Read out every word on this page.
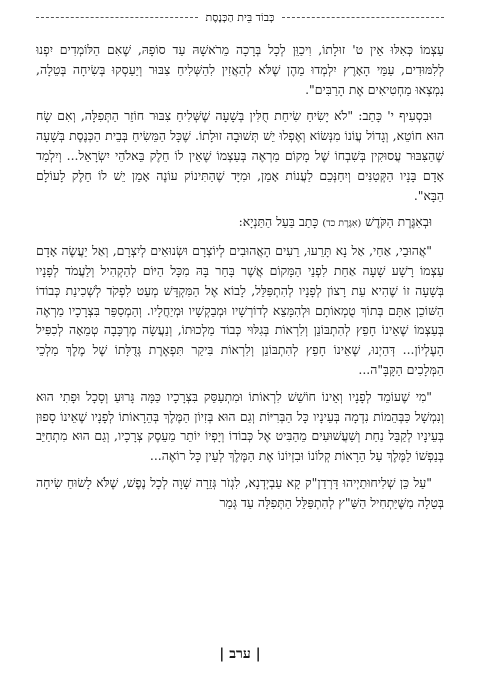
כְּבוֹד בֵּית הַכְּנֶסֶת

עַצְמוֹ כְּאִלּוּ אֵין ט' זוּלָתוֹ, וִיכַוֵּן לְכָל בְּרָכָה מֵרֹאשָׁהּ עַד סוֹפָהּ, שֶׁאִם הַלּוֹמְדִים יִפְנוּ לְלִמּוּדִים, עַמֵּי הָאָרֶץ יִלְמְדוּ מֵהֶן שֶׁלֹּא לְהַאֲזִין לִהַשְּׁלִיחַ צִבּוּר וְיַעַסְקוּ בְּשִׂיחָה בְּטֵלָה, נִמְצְאוּ מַחְטִיאִים אֶת הָרַבִּים".

וּבִסְעִיף י' כָּתַב: "לֹא יָשִׂיחַ שִׂיחַת חֻלִּין בְּשָׁעָה שֶׁשְּׁלִיחַ צִבּוּר חוֹזֵר הַתְּפִלָּה, וְאִם שָׂח הוּא חוֹטֵא, וְגָדוֹל עֲוֹנוֹ מִנְּשׂוֹא וְאֶפְלוּ יֵשׁ תְּשׁוּבָה זוּלָתוֹ. שֶׁכָּל הַמֵּשִׂיחַ בְּבֵית הַכְּנֶסֶת בְּשָׁעָה שֶׁהַצִּבּוּר עֲסוּקִין בְּשִׁבְחוֹ שֶׁל מָקוֹם מַרְאֶה בְּעַצְמוֹ שֶׁאֵין לוֹ חֵלֶק בֵּאלֹהֵי יִשְׂרָאֵל... וְיִלְמַד אָדָם בָּנָיו הַקְּטַנִּים וְיִחַנְּכֵם לַעֲנוֹת אָמֵן, וּמִיָּד שֶׁהַתִּינוֹק עוֹנֶה אָמֵן יֵשׁ לוֹ חֵלֶק לָעוֹלָם הַבָּא".

וּבְאִגֶּרֶת הַקֹּדֶשׁ (אִגֶּרֶת כד) כָּתַב בַּעַל הַתַּנְיָא:

"אֲהוּבַי, אַחַי, אַל נָא תָּרֵעוּ, רֵעִים הָאֲהוּבִים לְיוֹצְרָם וּשְׂנוּאִים לְיִצְרָם, וְאַל יַעֲשֶׂה אָדָם עַצְמוֹ רָשָׁע שָׁעָה אַחַת לִפְנֵי הַמָּקוֹם אֲשֶׁר בָּחַר בָּהּ מִכָּל הַיּוֹם לְהַקְהִיל וְלַעֲמֹד לְפָנָיו בְּשָׁעָה זוֹ שֶׁהִיא עֵת רָצוֹן לְפָנָיו לְהִתְפַּלֵּל, לָבוֹא אֶל הַמִּקְדָּשׁ מְעַט לִפְקֹד לְשְׁכִינַת כְּבוֹדוֹ הַשּׁוֹכֵן אִתָּם בְּתוֹךְ טֻמְאוֹתָם וּלְהִמָּצֵא לְדוֹרְשָׁיו וּמְבַקְשָׁיו וּמְיַחֲלָיו. וְהַמְסַפֵּר בִּצְרָכָיו מַרְאֶה בְּעַצְמוֹ שֶׁאֵינוֹ חָפֵץ לְהִתְבּוֹנֵן וְלִרְאוֹת בְּגִלּוּי כְּבוֹד מַלְכוּתוֹ, וְנַעֲשָׂה מֶרְכָּבָה טְמֵאָה לְכִפִּיל הָעֶלְיוֹן... דְּהַיְנוּ, שֶׁאֵינוֹ חָפֵץ לְהִתְבּוֹנֵן וְלִרְאוֹת בִּיקַר תִּפְאֶרֶת גְּדֻלָּתוֹ שֶׁל מֶלֶךְ מַלְכֵי הַמְּלָכִים הַקָּבָּ"ה...

"מִי שֶׁעוֹמֵד לְפָנָיו וְאֵינוֹ חוֹשֵׁשׁ לִרְאוֹתוֹ וּמִתְעַסֵּק בִּצְרָכָיו כַּמָּה גָּרוּעַ וְסָכָל וּפָתִי הוּא וְנִמְשָׁל כַּבְּהֵמוֹת נִדְמָה בְּעֵינָיו כָּל הַבְּרִיּוֹת וְגַם הוּא בְּזִיוֹן הַמֶּלֶךְ בְּהֵרָאוֹתוֹ לְפָנָיו שֶׁאֵינוֹ סָפוּן בְּעֵינָיו לְקַבֵּל נַחַת וְשַׁעֲשׁוּעִים מֵהַבִּיט אֶל כְּבוֹדוֹ וְיָפְיוֹ יוֹתֵר מֵעֵסֶק צְרָכָיו, וְגַם הוּא מִתְחַיֵּב בְּנַפְשׁוֹ לַמֶּלֶךְ עַל הֵרָאוֹת קְלוֹנוֹ וּבִזְיוֹנוֹ אֶת הַמֶּלֶךְ לְעֵין כָּל רוֹאֶה...

"עַל כֵּן שְׁלִיחוּתַיְיהוּ דָּרְדֵן"ק קָא עַבְיְדְנָא, לִגְזֹר גְּזֵרָה שָׁוָה לְכָל נֶפֶשׁ, שֶׁלֹּא לָשׂוּחַ שִׂיחָה בְּטֵלָה מִשֶּׁיַּתְחִיל הַשַּׁ"ץ לְהִתְפַּלֵּל הַתְּפִלָּה עַד גְּמַר

| ערב |
